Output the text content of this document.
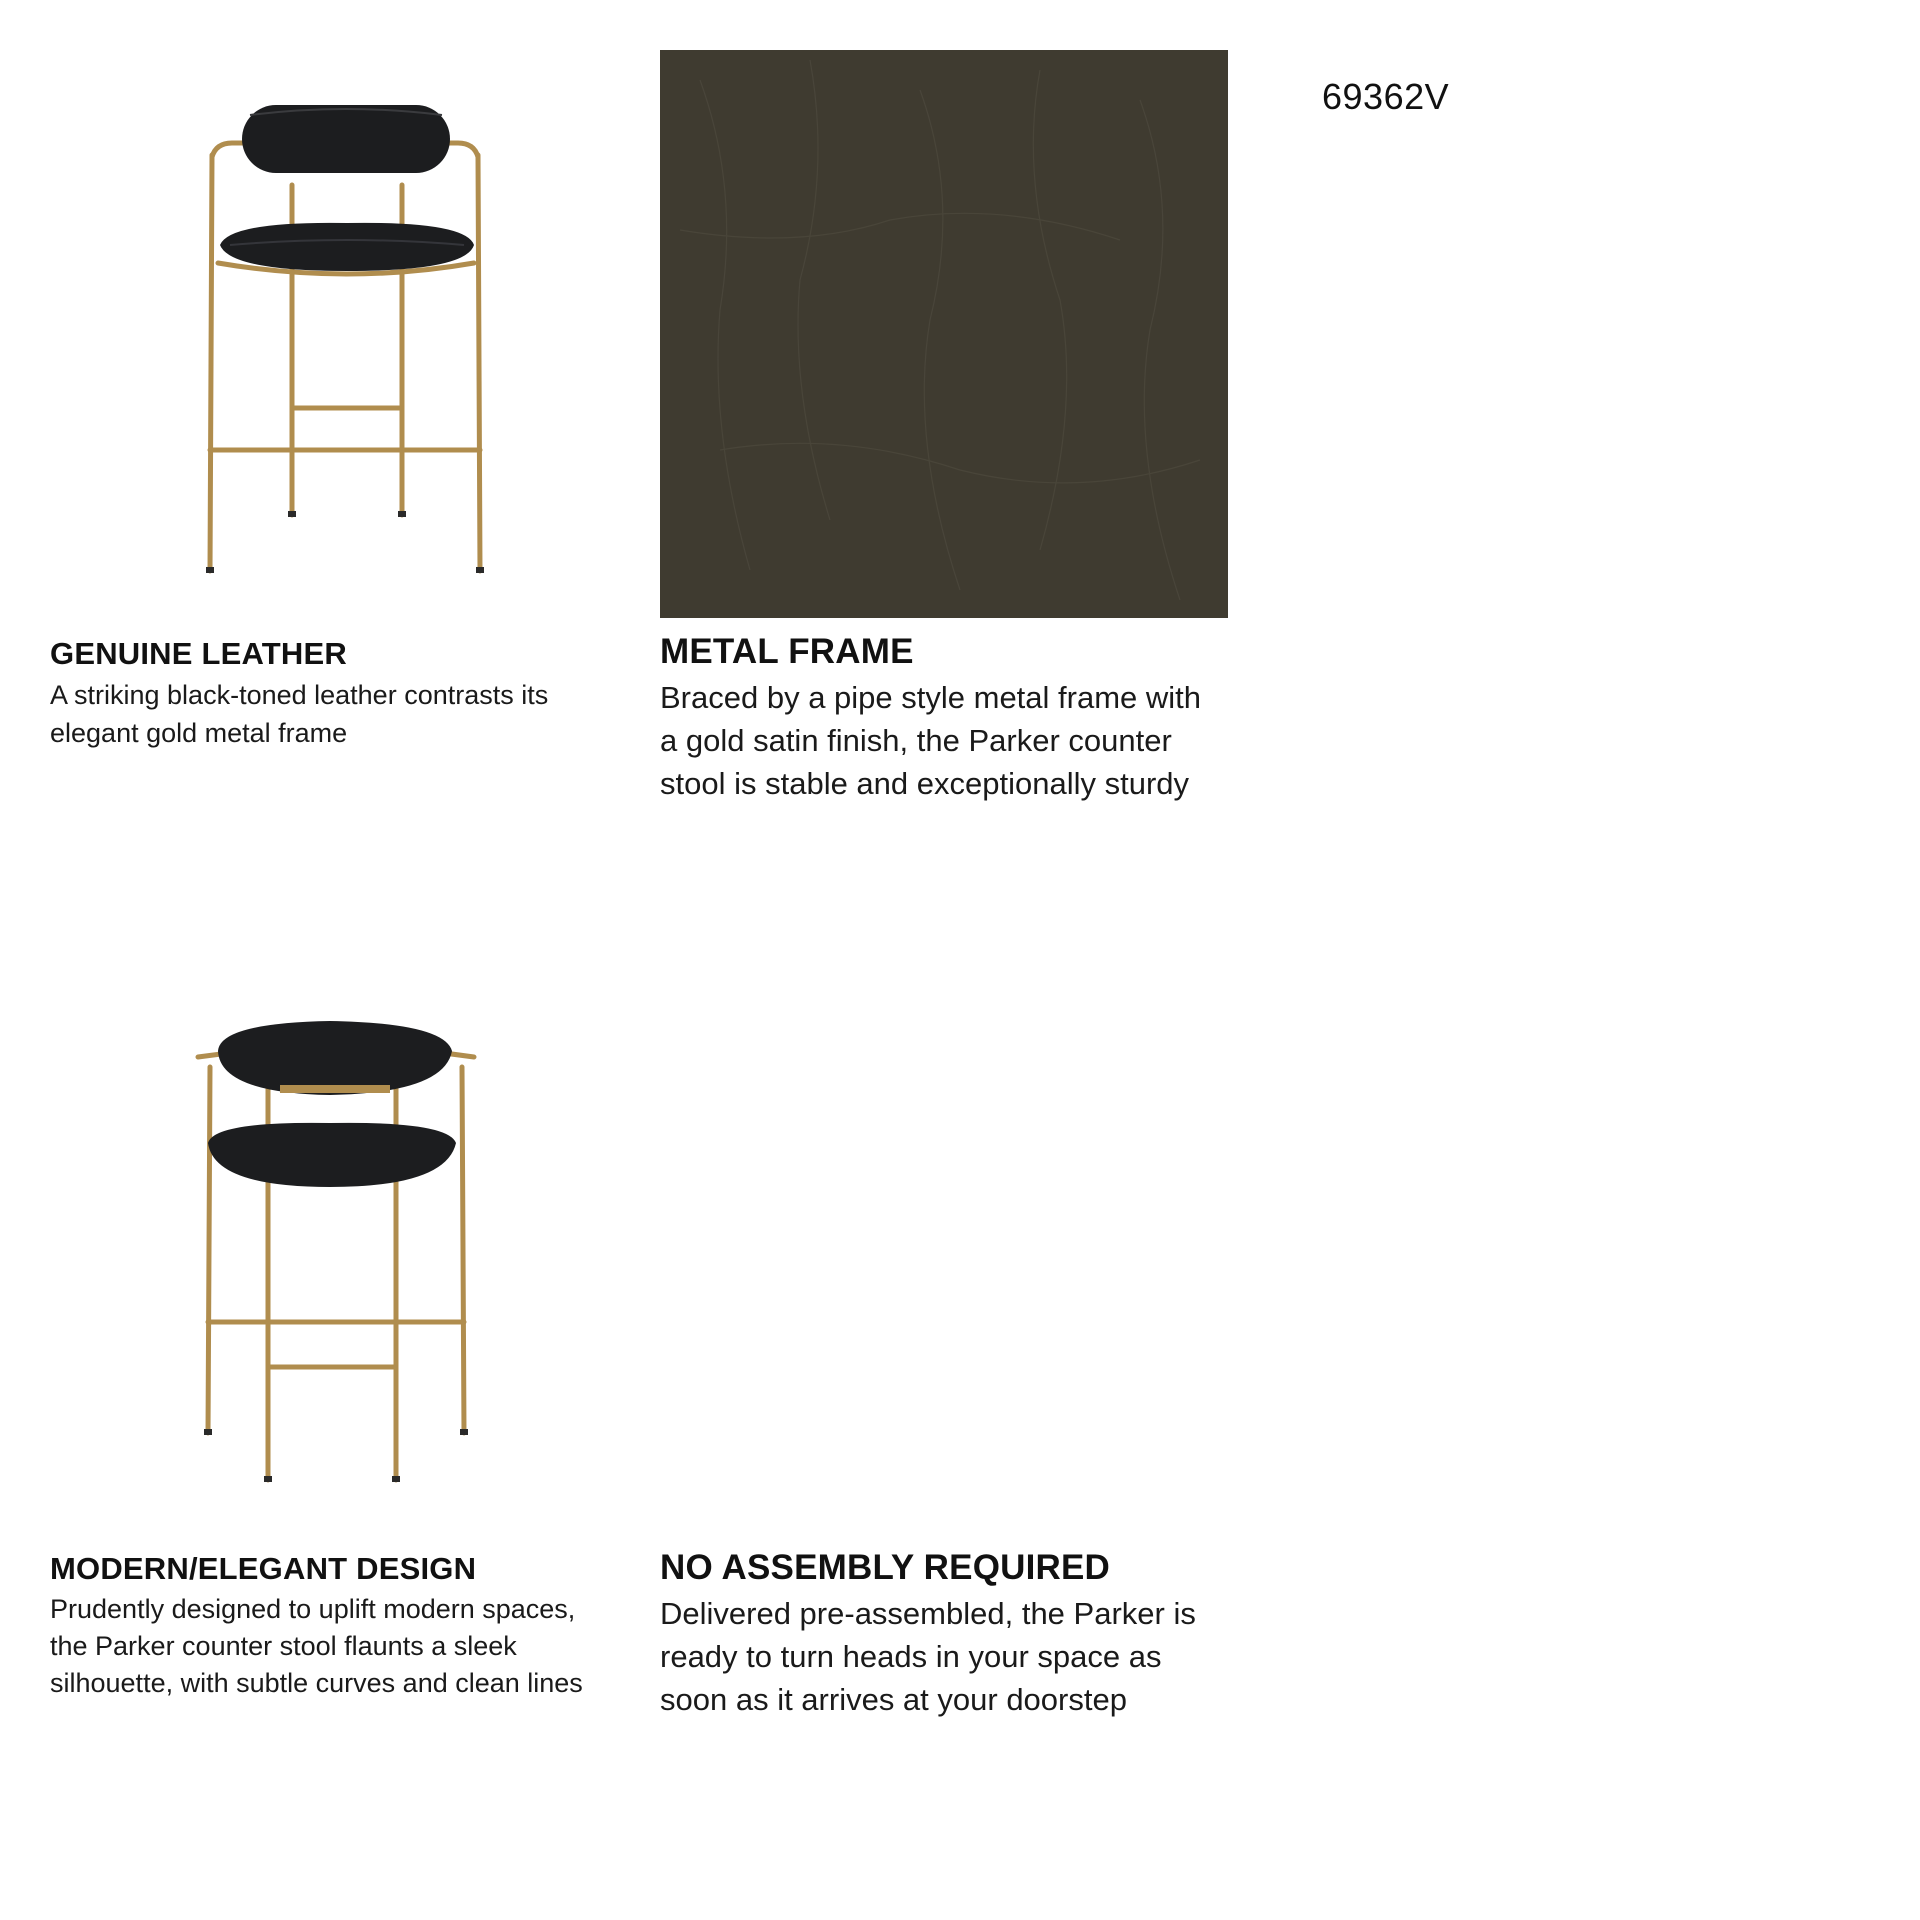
69362V
GENUINE LEATHER

A striking black-toned leather contrasts its
elegant gold metal frame

METAL FRAME

Braced by a pipe style metal frame with
a gold satin finish, the Parker counter
stool is stable and exceptionally sturdy

MODERN/ELEGANT DESIGN

Prudently designed to uplift modern spaces,
the Parker counter stool flaunts a sleek
silhouette, with subtle curves and clean lines

NO ASSEMBLY REQUIRED

Delivered pre-assembled, the Parker is
ready to turn heads in your space as
soon as it arrives at your doorstep
